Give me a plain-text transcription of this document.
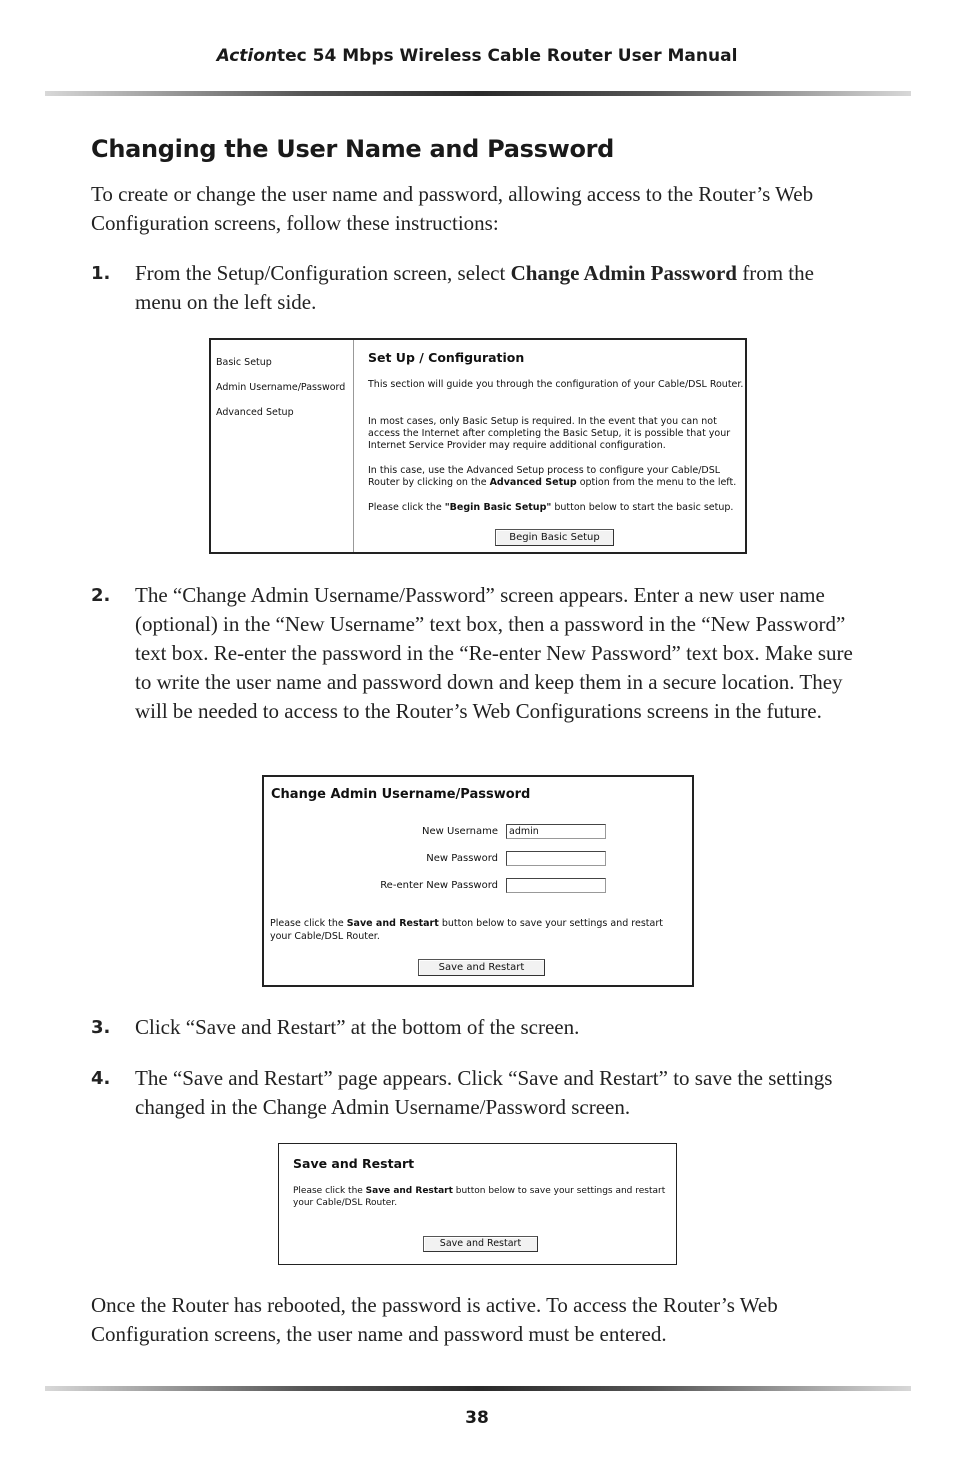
Actiontec 54 Mbps Wireless Cable Router User Manual
Changing the User Name and Password
To create or change the user name and password, allowing access to the Router’s Web Configuration screens, follow these instructions:
1. From the Setup/Configuration screen, select Change Admin Password from the menu on the left side.
Basic Setup
Admin Username/Password
Advanced Setup

Set Up / Configuration

This section will guide you through the configuration of your Cable/DSL Router.

In most cases, only Basic Setup is required. In the event that you can not access the Internet after completing the Basic Setup, it is possible that your Internet Service Provider may require additional configuration.

In this case, use the Advanced Setup process to configure your Cable/DSL Router by clicking on the Advanced Setup option from the menu to the left.

Please click the "Begin Basic Setup" button below to start the basic setup.

Begin Basic Setup
2. The “Change Admin Username/Password” screen appears. Enter a new user name (optional) in the “New Username” text box, then a password in the “New Password” text box. Re-enter the password in the “Re-enter New Password” text box. Make sure to write the user name and password down and keep them in a secure location. They will be needed to access to the Router’s Web Configurations screens in the future.
Change Admin Username/Password
New Username	admin
New Password
Re-enter New Password
Please click the Save and Restart button below to save your settings and restart your Cable/DSL Router.
Save and Restart
3. Click “Save and Restart” at the bottom of the screen.
4. The “Save and Restart” page appears. Click “Save and Restart” to save the settings changed in the Change Admin Username/Password screen.
Save and Restart
Please click the Save and Restart button below to save your settings and restart your Cable/DSL Router.
Save and Restart
Once the Router has rebooted, the password is active. To access the Router’s Web Configuration screens, the user name and password must be entered.
38
